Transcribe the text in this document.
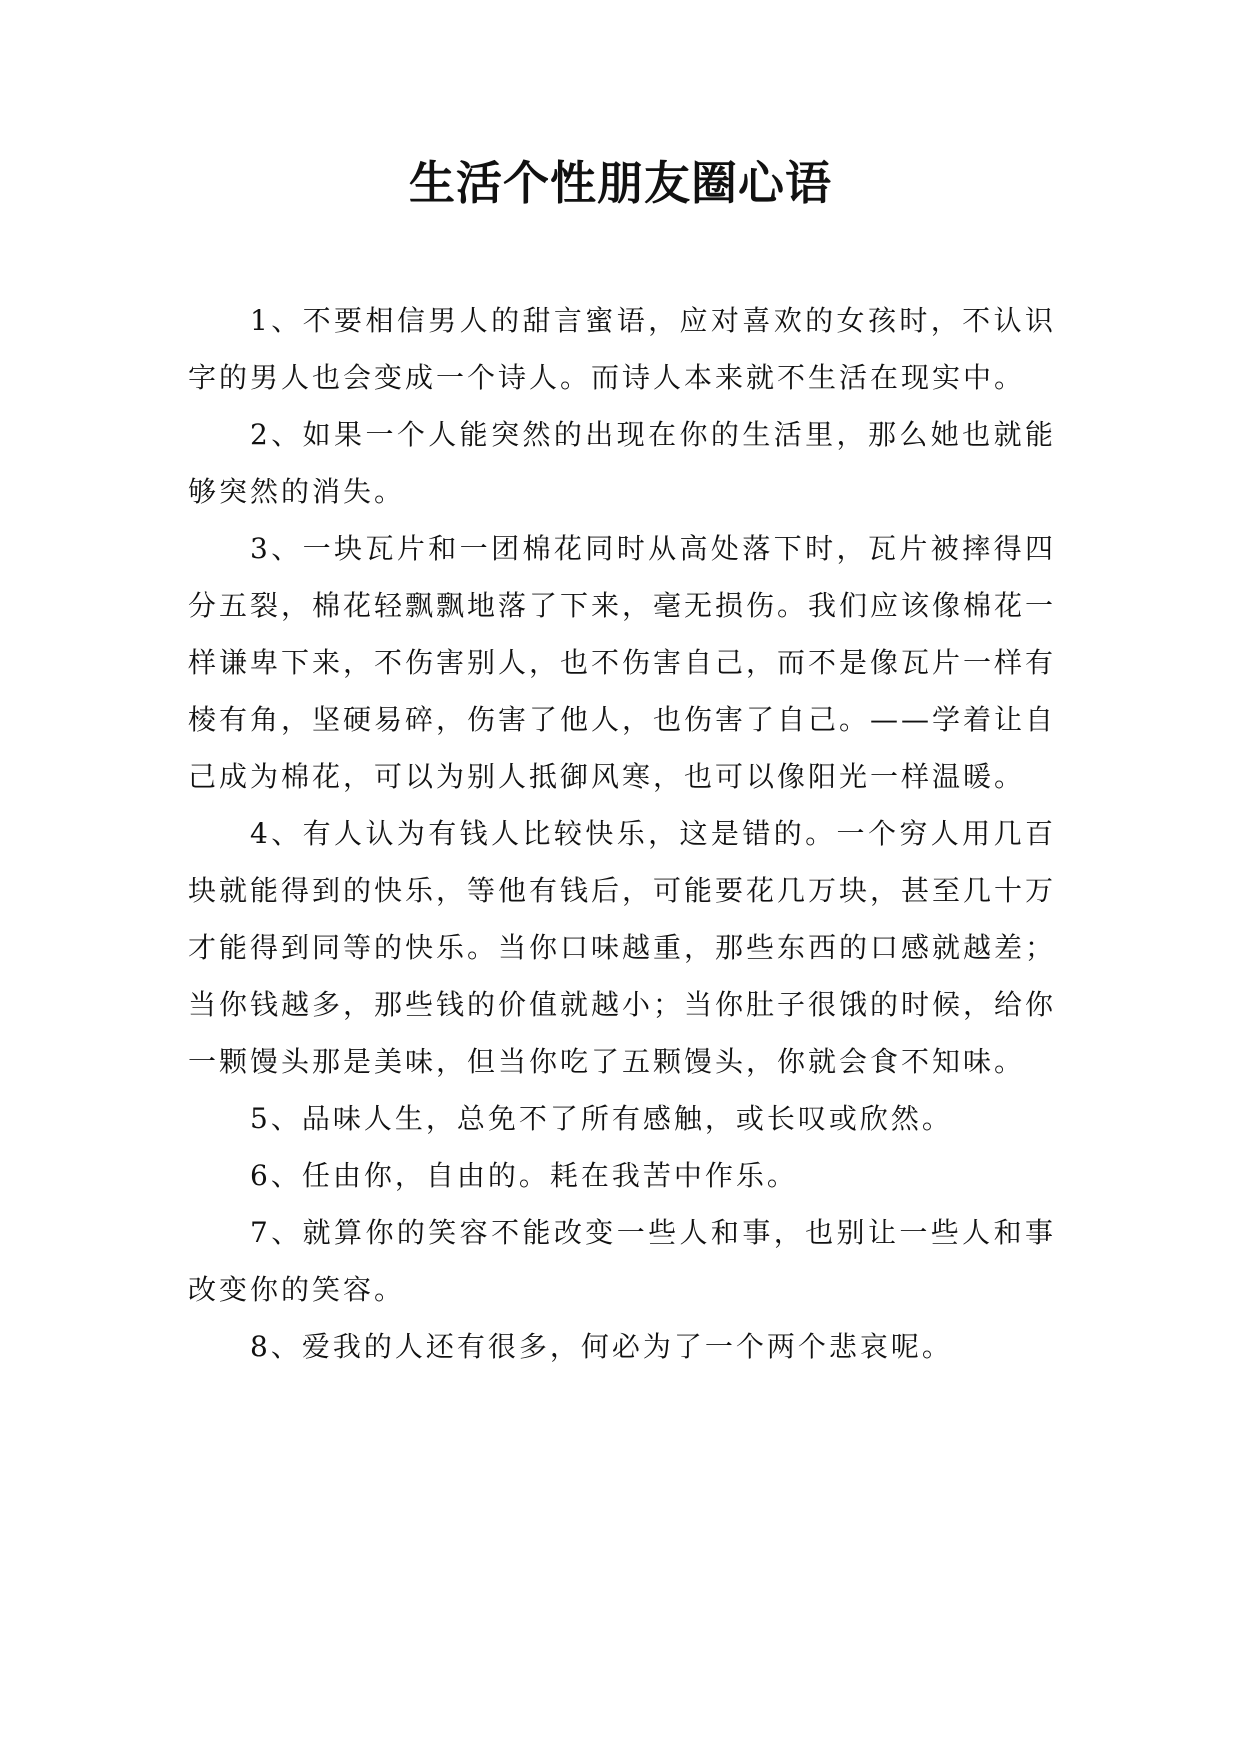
生活个性朋友圈心语

1、不要相信男人的甜言蜜语，应对喜欢的女孩时，不认识字的男人也会变成一个诗人。而诗人本来就不生活在现实中。

2、如果一个人能突然的出现在你的生活里，那么她也就能够突然的消失。

3、一块瓦片和一团棉花同时从高处落下时，瓦片被摔得四分五裂，棉花轻飘飘地落了下来，毫无损伤。我们应该像棉花一样谦卑下来，不伤害别人，也不伤害自己，而不是像瓦片一样有棱有角，坚硬易碎，伤害了他人，也伤害了自己。——学着让自己成为棉花，可以为别人抵御风寒，也可以像阳光一样温暖。

4、有人认为有钱人比较快乐，这是错的。一个穷人用几百块就能得到的快乐，等他有钱后，可能要花几万块，甚至几十万才能得到同等的快乐。当你口味越重，那些东西的口感就越差；当你钱越多，那些钱的价值就越小；当你肚子很饿的时候，给你一颗馒头那是美味，但当你吃了五颗馒头，你就会食不知味。

5、品味人生，总免不了所有感触，或长叹或欣然。

6、任由你，自由的。耗在我苦中作乐。

7、就算你的笑容不能改变一些人和事，也别让一些人和事改变你的笑容。

8、爱我的人还有很多，何必为了一个两个悲哀呢。
